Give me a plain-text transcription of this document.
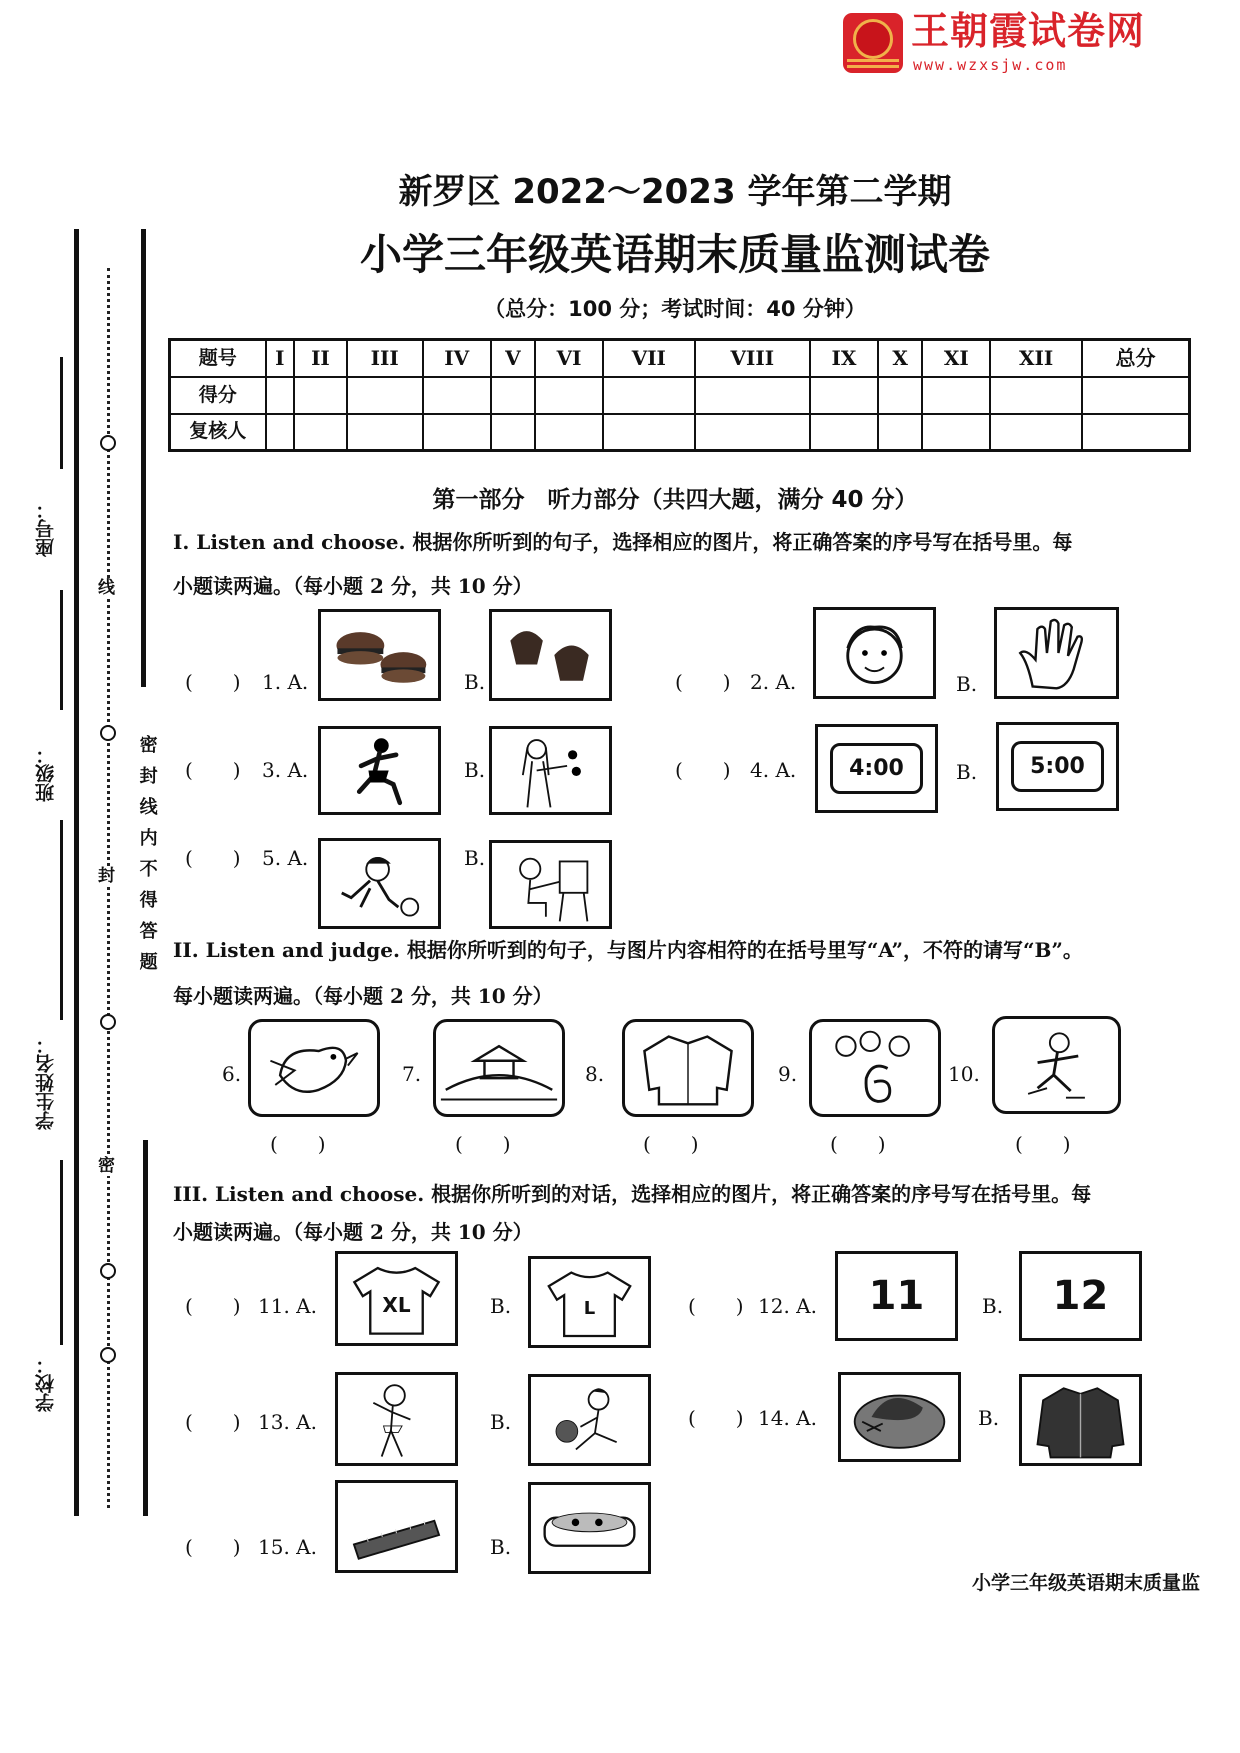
王朝霞试卷网
www.wzxsjw.com
线
封
密
密封线内不得答题
座号：
班级：
学生姓名：
学校：
新罗区 2022～2023 学年第二学期
小学三年级英语期末质量监测试卷
（总分：100 分；考试时间：40 分钟）
题号	I	II	III	IV	V	VI	VII	VIII	IX	X	XI	XII	总分
得分													
复核人													
第一部分　听力部分（共四大题，满分 40 分）
I. Listen and choose. 根据你所听到的句子，选择相应的图片，将正确答案的序号写在括号里。每
小题读两遍。（每小题 2 分，共 10 分）
(　　) 1. A.	B.	(　　) 2. A.	B.
(　　) 3. A.	B.	(　　) 4. A.	4:00	B.	5:00
(　　) 5. A.	B.
II. Listen and judge. 根据你所听到的句子，与图片内容相符的在括号里写“A”，不符的请写“B”。
每小题读两遍。（每小题 2 分，共 10 分）
6.	7.	8.	9.	10.
(　　)	(　　)	(　　)	(　　)	(　　)
III. Listen and choose. 根据你所听到的对话，选择相应的图片，将正确答案的序号写在括号里。每
小题读两遍。（每小题 2 分，共 10 分）
(　　) 11. A.	XL	B.	L	(　　) 12. A. 11	B. 12
(　　) 13. A.	B.	(　　) 14. A.	B.
(　　) 15. A.	B.
小学三年级英语期末质量监
